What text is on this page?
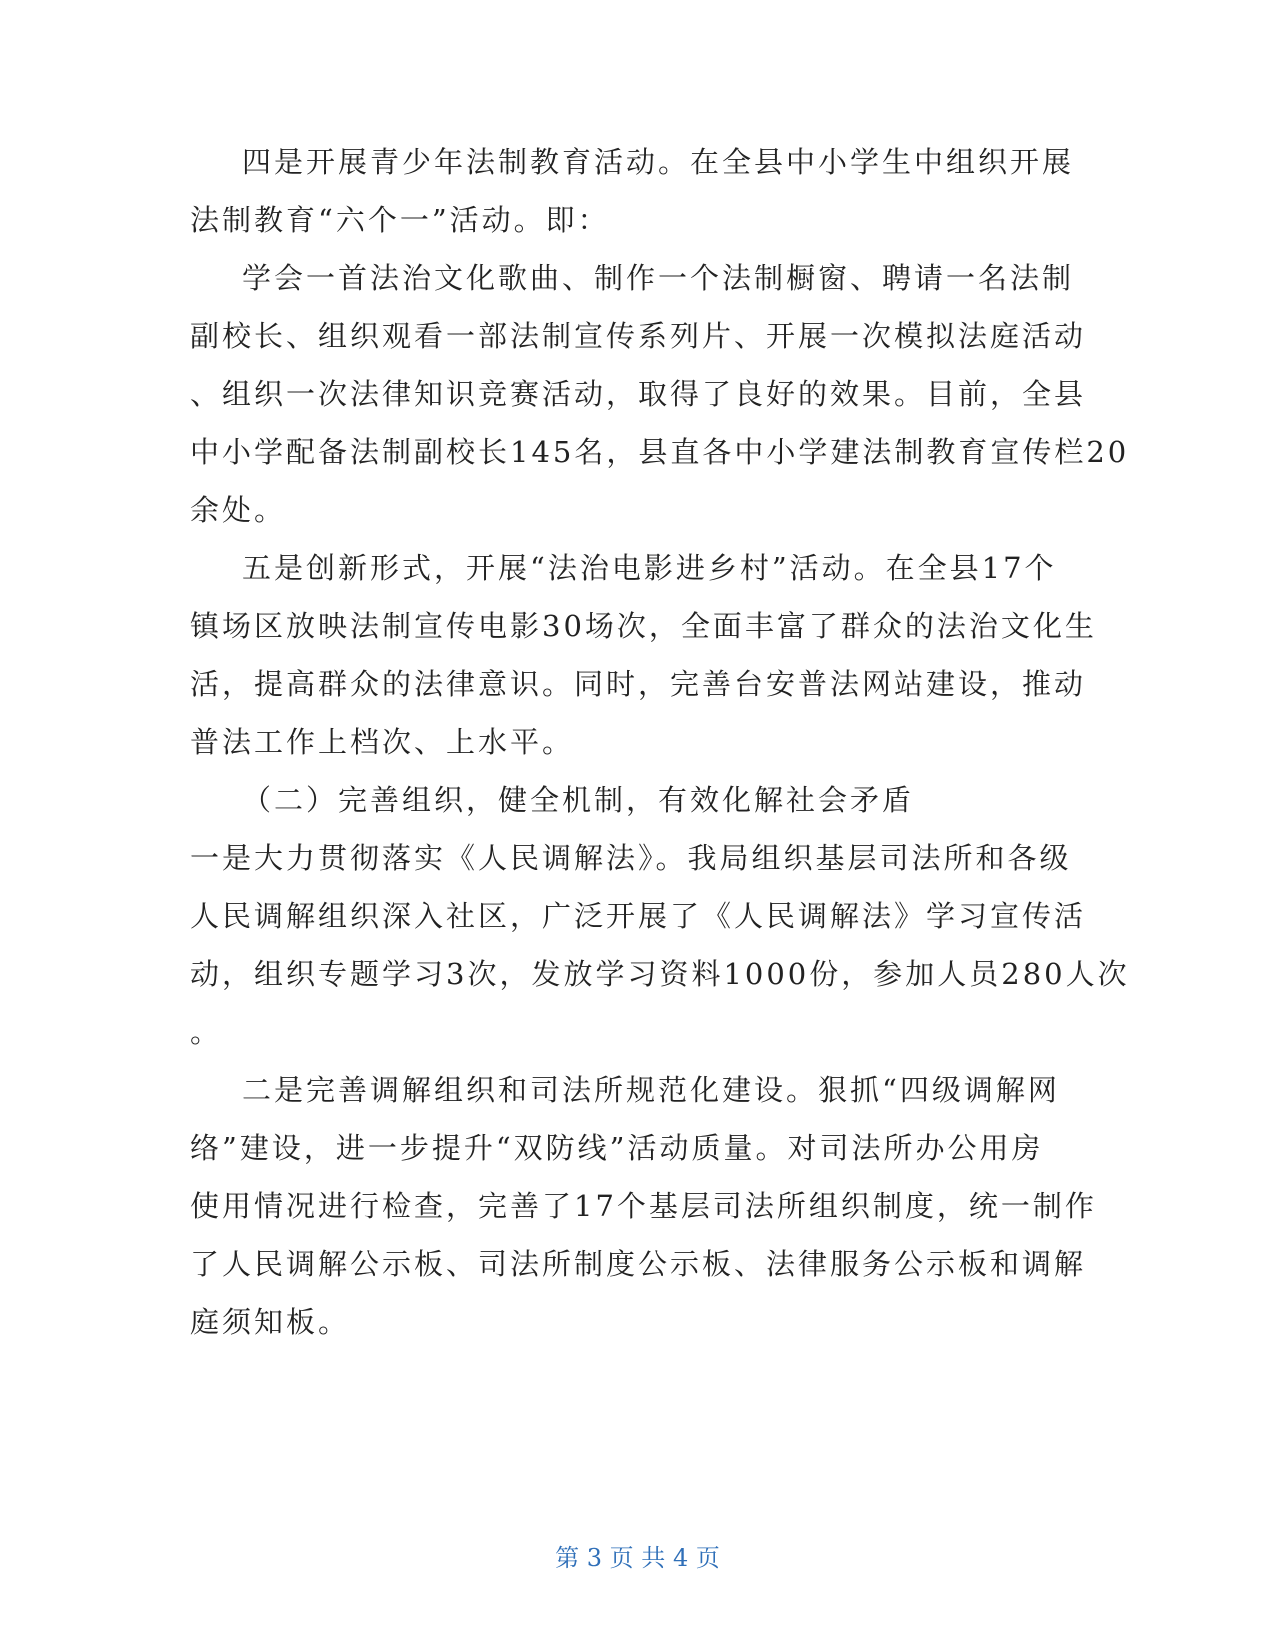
四是开展青少年法制教育活动。在全县中小学生中组织开展
法制教育“六个一”活动。即：
学会一首法治文化歌曲、制作一个法制橱窗、聘请一名法制
副校长、组织观看一部法制宣传系列片、开展一次模拟法庭活动
、组织一次法律知识竞赛活动，取得了良好的效果。目前，全县
中小学配备法制副校长145名，县直各中小学建法制教育宣传栏20
余处。
五是创新形式，开展“法治电影进乡村”活动。在全县17个
镇场区放映法制宣传电影30场次，全面丰富了群众的法治文化生
活，提高群众的法律意识。同时，完善台安普法网站建设，推动
普法工作上档次、上水平。
（二）完善组织，健全机制，有效化解社会矛盾
一是大力贯彻落实《人民调解法》。我局组织基层司法所和各级
人民调解组织深入社区，广泛开展了《人民调解法》学习宣传活
动，组织专题学习3次，发放学习资料1000份，参加人员280人次
。
二是完善调解组织和司法所规范化建设。狠抓“四级调解网
络”建设，进一步提升“双防线”活动质量。对司法所办公用房
使用情况进行检查，完善了17个基层司法所组织制度，统一制作
了人民调解公示板、司法所制度公示板、法律服务公示板和调解
庭须知板。
第 3 页 共 4 页
